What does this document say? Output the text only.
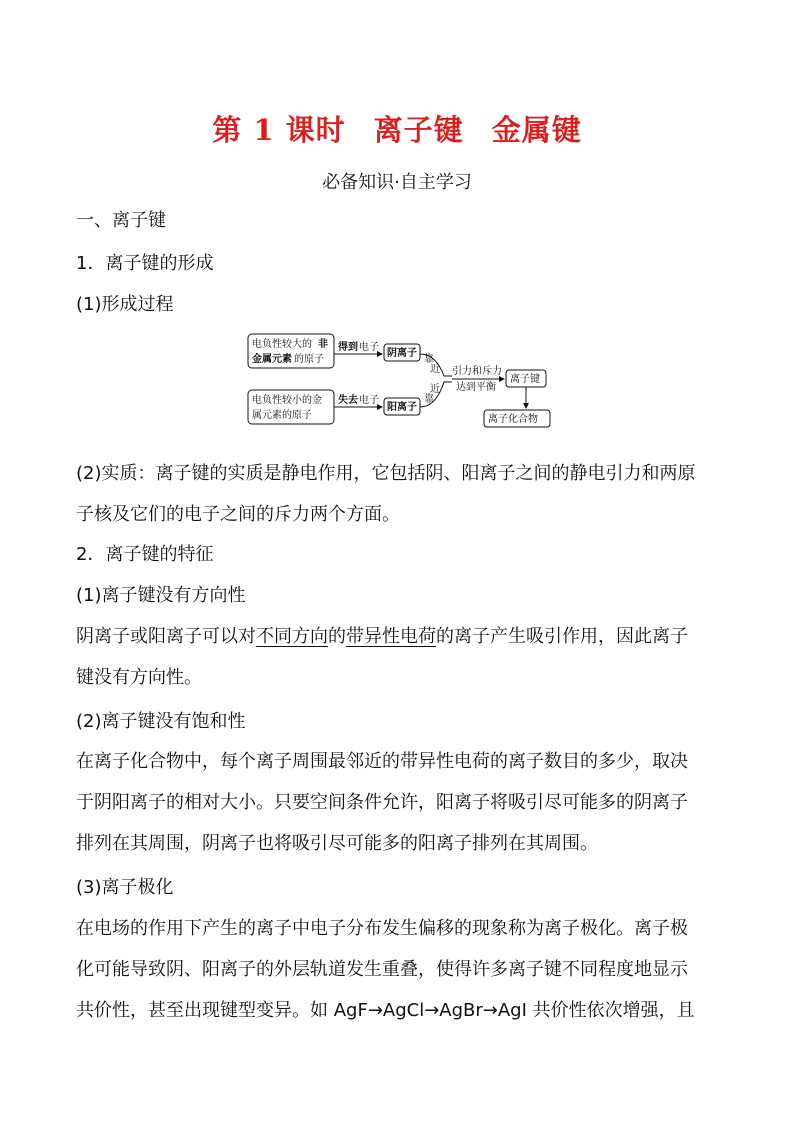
第 1 课时 离子键 金属键
必备知识·自主学习
一、离子键
1．离子键的形成
(1)形成过程
电负性较大的 非
金属元素 的原子
得到 电子
阴离子
电负性较小的金
属元素的原子
失去 电子
阳离子
靠
近
近
靠
引力和斥力
达到平衡
离子键
离子化合物
(2)实质：离子键的实质是静电作用，它包括阴、阳离子之间的静电引力和两原
子核及它们的电子之间的斥力两个方面。
2．离子键的特征
(1)离子键没有方向性
阴离子或阳离子可以对不同方向的带异性电荷的离子产生吸引作用，因此离子
键没有方向性。
(2)离子键没有饱和性
在离子化合物中，每个离子周围最邻近的带异性电荷的离子数目的多少，取决
于阴阳离子的相对大小。只要空间条件允许，阳离子将吸引尽可能多的阴离子
排列在其周围，阴离子也将吸引尽可能多的阳离子排列在其周围。
(3)离子极化
在电场的作用下产生的离子中电子分布发生偏移的现象称为离子极化。离子极
化可能导致阴、阳离子的外层轨道发生重叠，使得许多离子键不同程度地显示
共价性，甚至出现键型变异。如 AgF→AgCl→AgBr→AgI 共价性依次增强，且
